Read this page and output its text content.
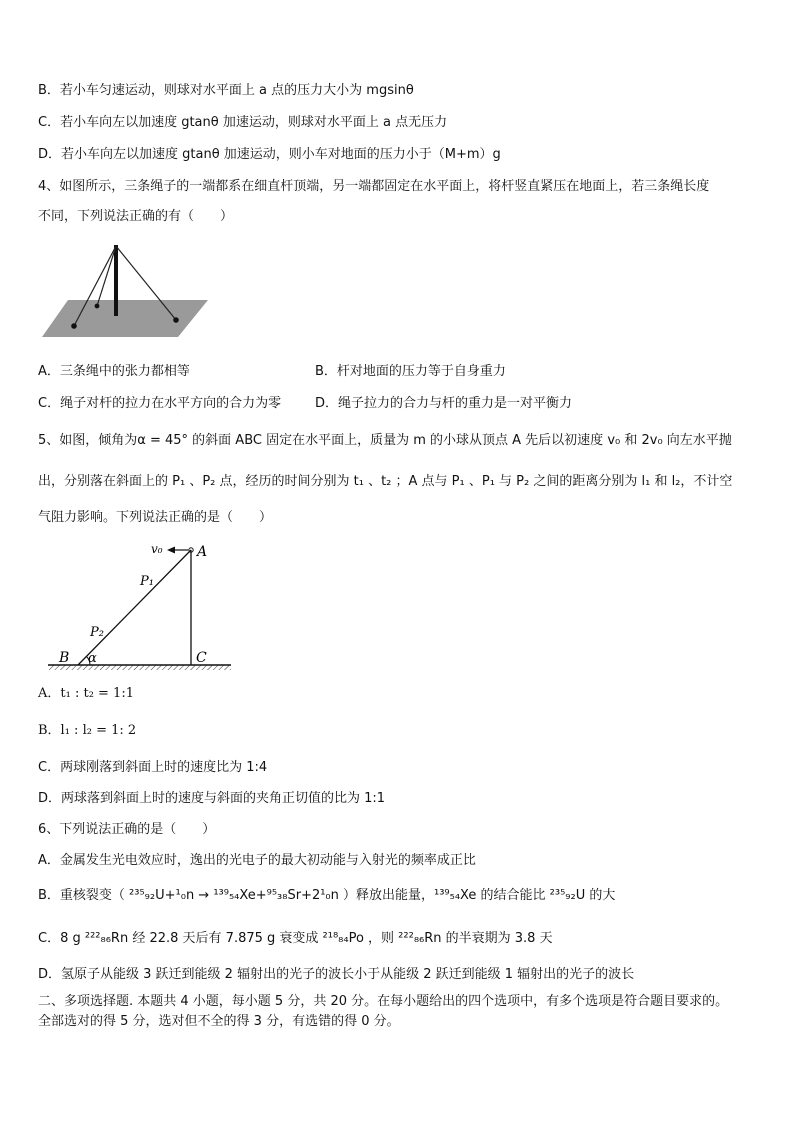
B．若小车匀速运动，则球对水平面上 a 点的压力大小为 mgsinθ
C．若小车向左以加速度 gtanθ 加速运动，则球对水平面上 a 点无压力
D．若小车向左以加速度 gtanθ 加速运动，则小车对地面的压力小于（M+m）g
4、如图所示，三条绳子的一端都系在细直杆顶端，另一端都固定在水平面上，将杆竖直紧压在地面上，若三条绳长度
不同，下列说法正确的有（　　）
A．三条绳中的张力都相等	B．杆对地面的压力等于自身重力
C．绳子对杆的拉力在水平方向的合力为零	D．绳子拉力的合力与杆的重力是一对平衡力
5、如图，倾角为α = 45° 的斜面 ABC 固定在水平面上，质量为 m 的小球从顶点 A 先后以初速度 v₀ 和 2v₀ 向左水平抛
出，分别落在斜面上的 P₁ 、P₂ 点，经历的时间分别为 t₁ 、t₂ ；A 点与 P₁ 、P₁ 与 P₂ 之间的距离分别为 l₁ 和 l₂，不计空
气阻力影响。下列说法正确的是（　　）
v₀ A
P₁
P₂
B α	C
A．t₁ : t₂ = 1:1
B．l₁ : l₂ = 1: 2
C．两球刚落到斜面上时的速度比为 1:4
D．两球落到斜面上时的速度与斜面的夹角正切值的比为 1:1
6、下列说法正确的是（　　）
A．金属发生光电效应时，逸出的光电子的最大初动能与入射光的频率成正比
B．重核裂变（ ²³⁵₉₂U+¹₀n → ¹³⁹₅₄Xe+⁹⁵₃₈Sr+2¹₀n ）释放出能量，¹³⁹₅₄Xe 的结合能比 ²³⁵₉₂U 的大
C．8 g ²²²₈₆Rn 经 22.8 天后有 7.875 g 衰变成 ²¹⁸₈₄Po ，则 ²²²₈₆Rn 的半衰期为 3.8 天
D．氢原子从能级 3 跃迁到能级 2 辐射出的光子的波长小于从能级 2 跃迁到能级 1 辐射出的光子的波长
二、多项选择题. 本题共 4 小题，每小题 5 分，共 20 分。在每小题给出的四个选项中，有多个选项是符合题目要求的。
全部选对的得 5 分，选对但不全的得 3 分，有选错的得 0 分。
